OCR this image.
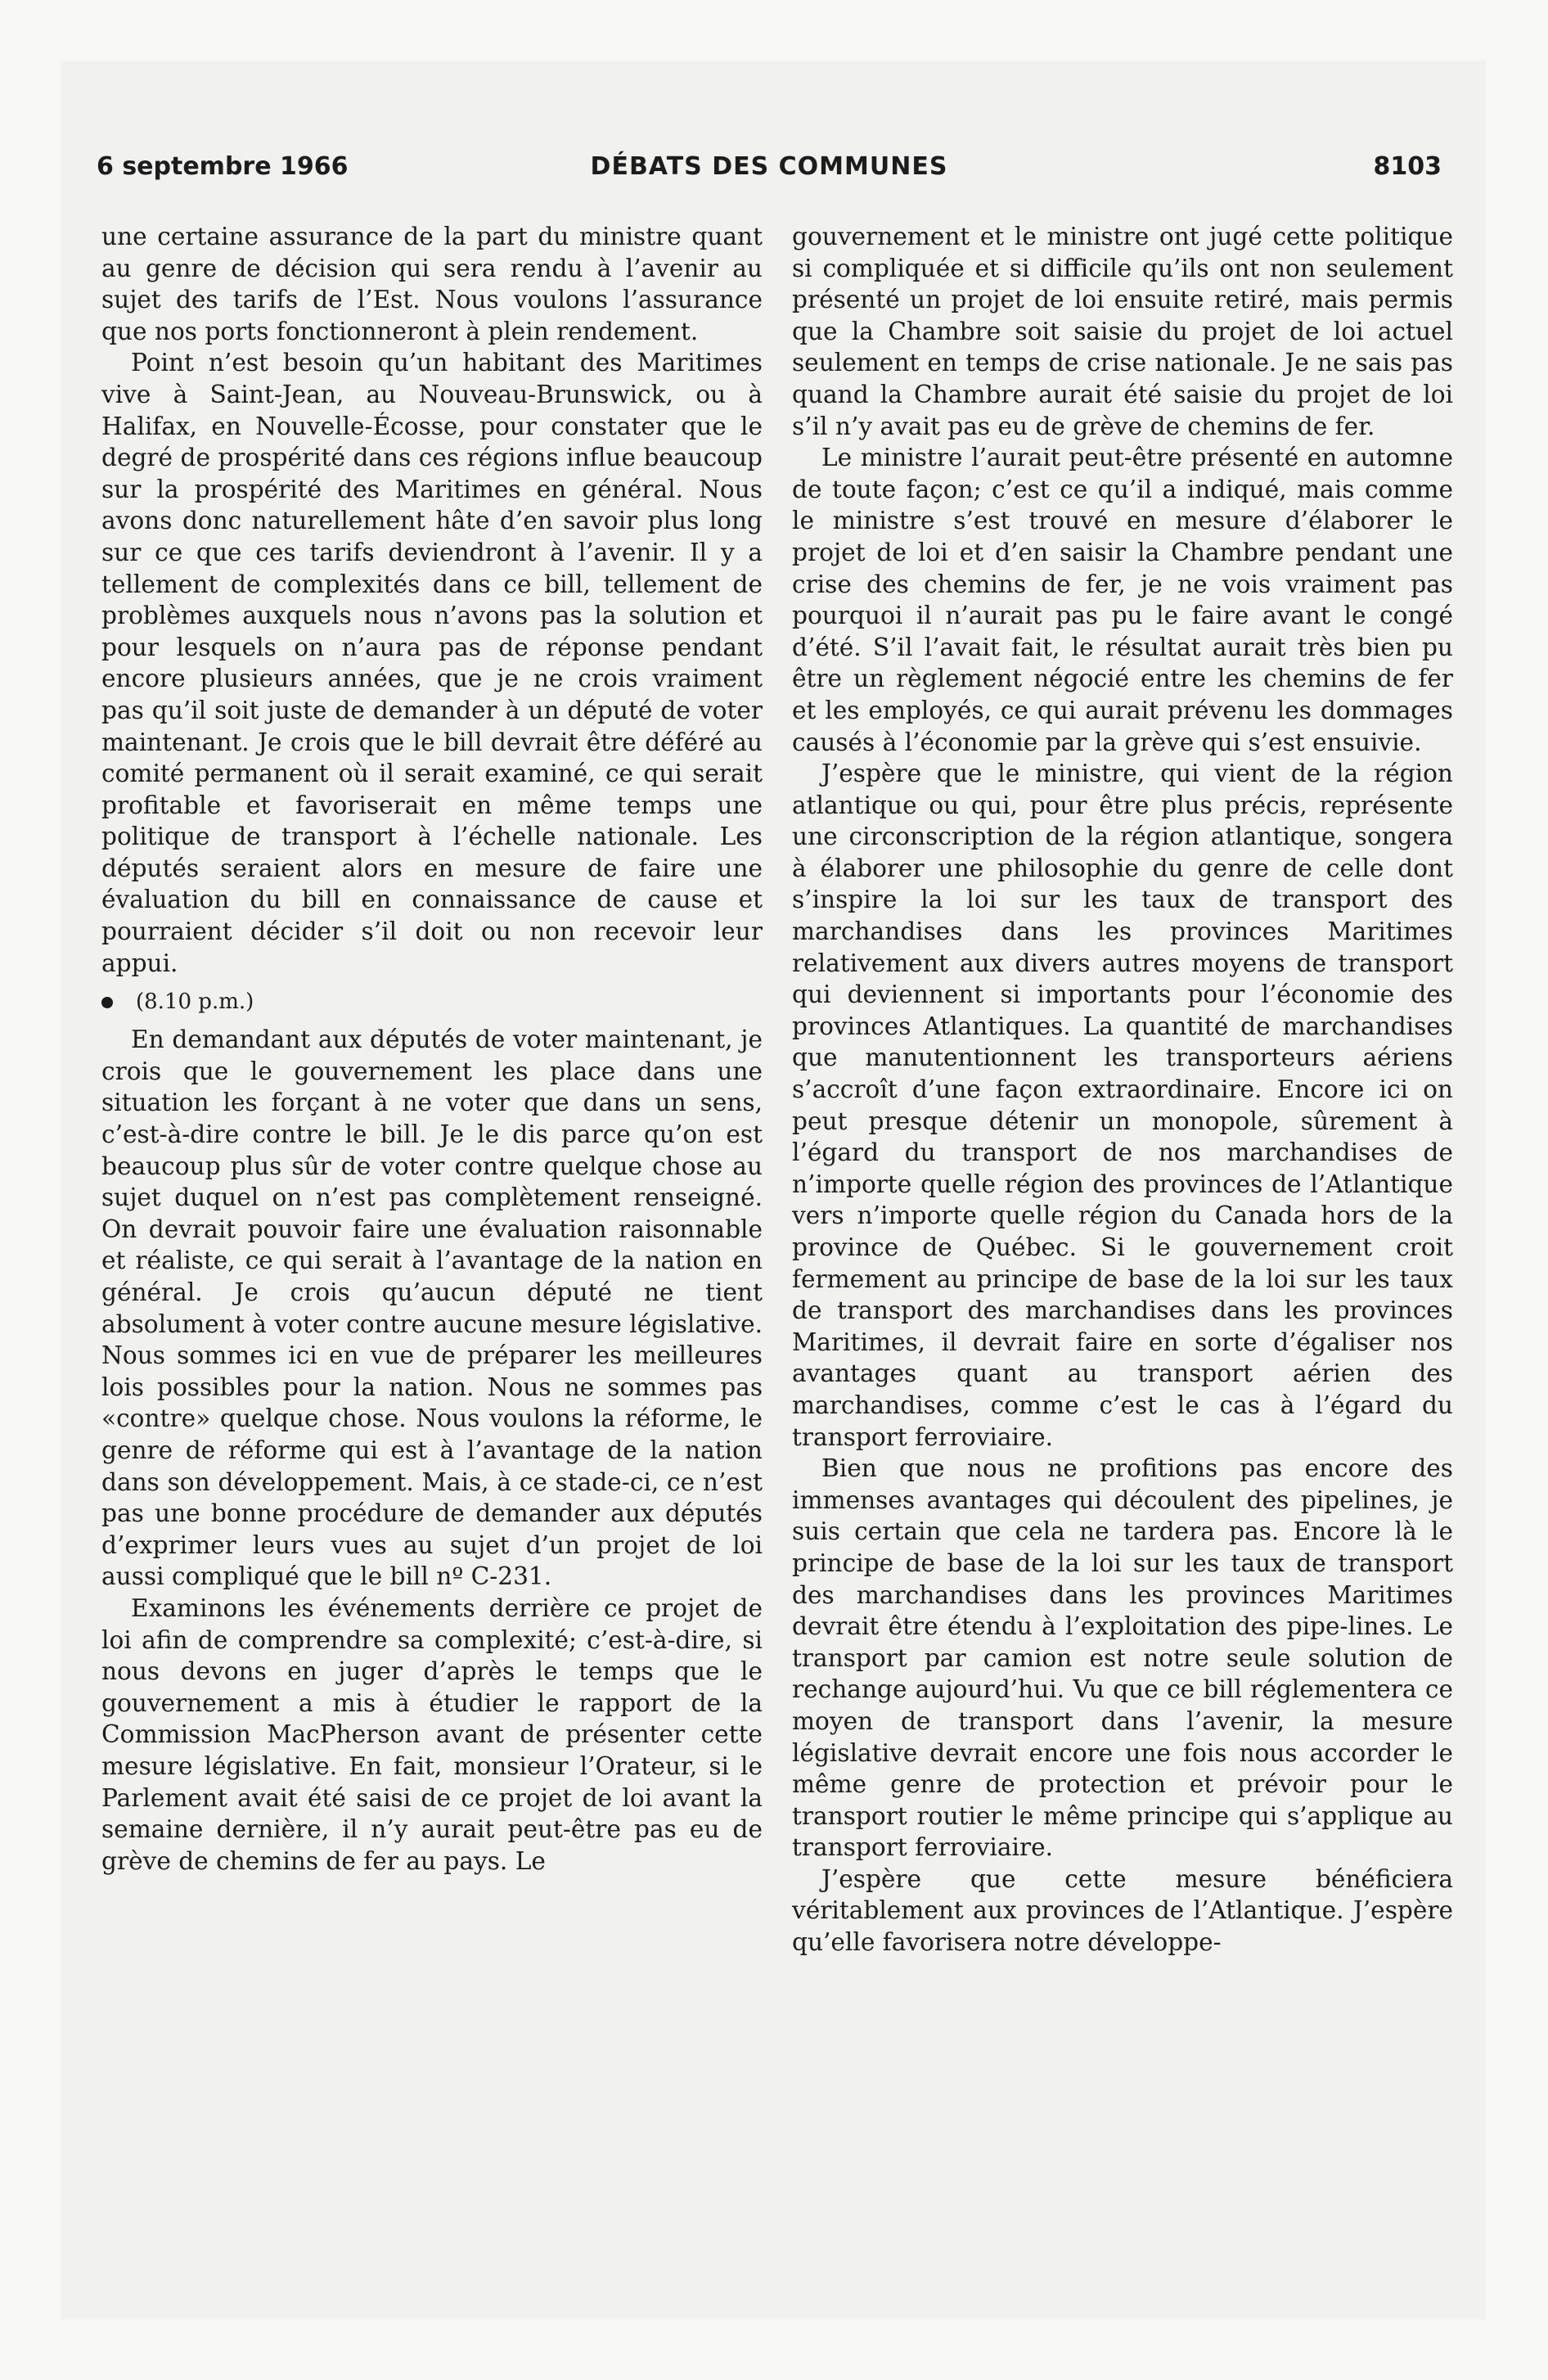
6 septembre 1966	DÉBATS DES COMMUNES	8103

une certaine assurance de la part du ministre quant au genre de décision qui sera rendu à l’avenir au sujet des tarifs de l’Est. Nous voulons l’assurance que nos ports fonctionneront à plein rendement.

Point n’est besoin qu’un habitant des Maritimes vive à Saint-Jean, au Nouveau-Brunswick, ou à Halifax, en Nouvelle-Écosse, pour constater que le degré de prospérité dans ces régions influe beaucoup sur la prospérité des Maritimes en général. Nous avons donc naturellement hâte d’en savoir plus long sur ce que ces tarifs deviendront à l’avenir. Il y a tellement de complexités dans ce bill, tellement de problèmes auxquels nous n’avons pas la solution et pour lesquels on n’aura pas de réponse pendant encore plusieurs années, que je ne crois vraiment pas qu’il soit juste de demander à un député de voter maintenant. Je crois que le bill devrait être déféré au comité permanent où il serait examiné, ce qui serait profitable et favoriserait en même temps une politique de transport à l’échelle nationale. Les députés seraient alors en mesure de faire une évaluation du bill en connaissance de cause et pourraient décider s’il doit ou non recevoir leur appui.

(8.10 p.m.)

En demandant aux députés de voter maintenant, je crois que le gouvernement les place dans une situation les forçant à ne voter que dans un sens, c’est-à-dire contre le bill. Je le dis parce qu’on est beaucoup plus sûr de voter contre quelque chose au sujet duquel on n’est pas complètement renseigné. On devrait pouvoir faire une évaluation raisonnable et réaliste, ce qui serait à l’avantage de la nation en général. Je crois qu’aucun député ne tient absolument à voter contre aucune mesure législative. Nous sommes ici en vue de préparer les meilleures lois possibles pour la nation. Nous ne sommes pas «contre» quelque chose. Nous voulons la réforme, le genre de réforme qui est à l’avantage de la nation dans son développement. Mais, à ce stade-ci, ce n’est pas une bonne procédure de demander aux députés d’exprimer leurs vues au sujet d’un projet de loi aussi compliqué que le bill nº C-231.

Examinons les événements derrière ce projet de loi afin de comprendre sa complexité; c’est-à-dire, si nous devons en juger d’après le temps que le gouvernement a mis à étudier le rapport de la Commission MacPherson avant de présenter cette mesure législative. En fait, monsieur l’Orateur, si le Parlement avait été saisi de ce projet de loi avant la semaine dernière, il n’y aurait peut-être pas eu de grève de chemins de fer au pays. Le

gouvernement et le ministre ont jugé cette politique si compliquée et si difficile qu’ils ont non seulement présenté un projet de loi ensuite retiré, mais permis que la Chambre soit saisie du projet de loi actuel seulement en temps de crise nationale. Je ne sais pas quand la Chambre aurait été saisie du projet de loi s’il n’y avait pas eu de grève de chemins de fer.

Le ministre l’aurait peut-être présenté en automne de toute façon; c’est ce qu’il a indiqué, mais comme le ministre s’est trouvé en mesure d’élaborer le projet de loi et d’en saisir la Chambre pendant une crise des chemins de fer, je ne vois vraiment pas pourquoi il n’aurait pas pu le faire avant le congé d’été. S’il l’avait fait, le résultat aurait très bien pu être un règlement négocié entre les chemins de fer et les employés, ce qui aurait prévenu les dommages causés à l’économie par la grève qui s’est ensuivie.

J’espère que le ministre, qui vient de la région atlantique ou qui, pour être plus précis, représente une circonscription de la région atlantique, songera à élaborer une philosophie du genre de celle dont s’inspire la loi sur les taux de transport des marchandises dans les provinces Maritimes relativement aux divers autres moyens de transport qui deviennent si importants pour l’économie des provinces Atlantiques. La quantité de marchandises que manutentionnent les transporteurs aériens s’accroît d’une façon extraordinaire. Encore ici on peut presque détenir un monopole, sûrement à l’égard du transport de nos marchandises de n’importe quelle région des provinces de l’Atlantique vers n’importe quelle région du Canada hors de la province de Québec. Si le gouvernement croit fermement au principe de base de la loi sur les taux de transport des marchandises dans les provinces Maritimes, il devrait faire en sorte d’égaliser nos avantages quant au transport aérien des marchandises, comme c’est le cas à l’égard du transport ferroviaire.

Bien que nous ne profitions pas encore des immenses avantages qui découlent des pipelines, je suis certain que cela ne tardera pas. Encore là le principe de base de la loi sur les taux de transport des marchandises dans les provinces Maritimes devrait être étendu à l’exploitation des pipe-lines. Le transport par camion est notre seule solution de rechange aujourd’hui. Vu que ce bill réglementera ce moyen de transport dans l’avenir, la mesure législative devrait encore une fois nous accorder le même genre de protection et prévoir pour le transport routier le même principe qui s’applique au transport ferroviaire.

J’espère que cette mesure bénéficiera véritablement aux provinces de l’Atlantique. J’espère qu’elle favorisera notre développe-
